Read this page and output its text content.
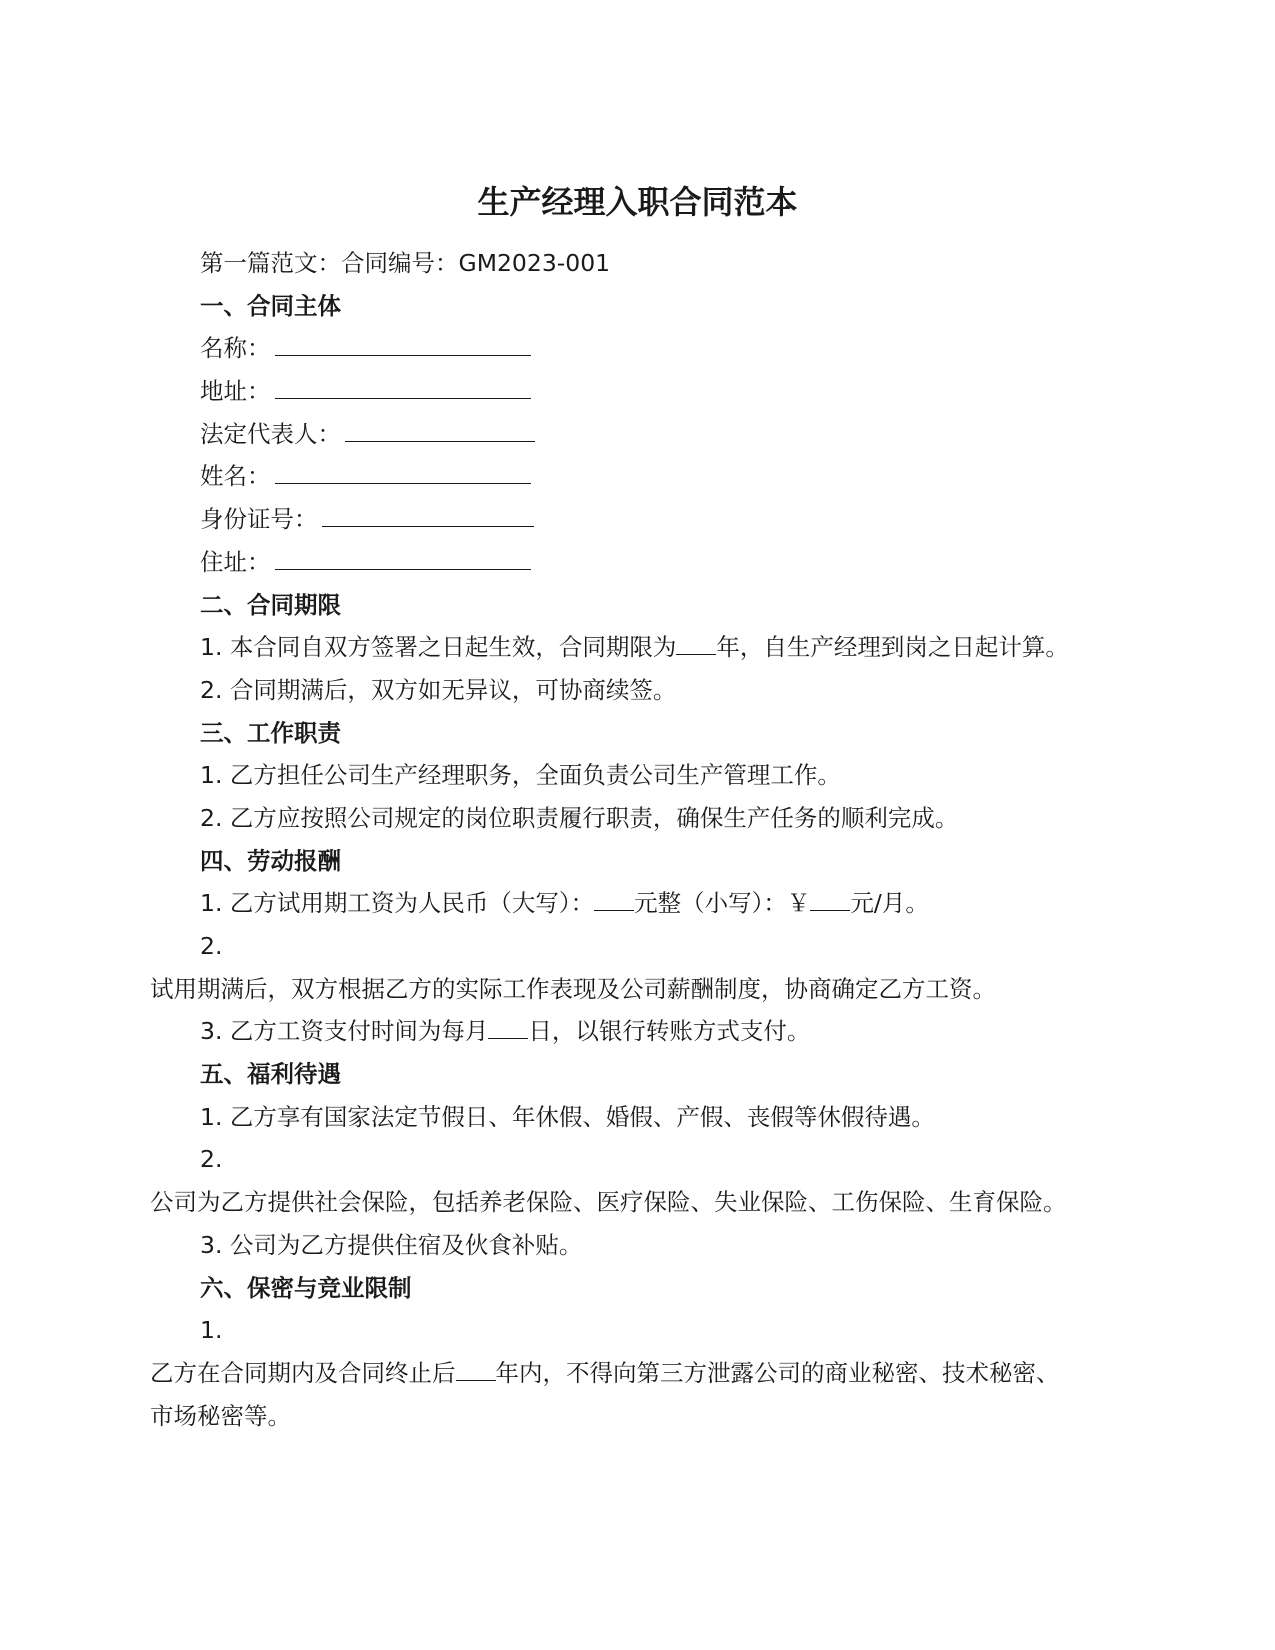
生产经理入职合同范本

第一篇范文：合同编号：GM2023-001

一、合同主体

名称：

地址：

法定代表人：

姓名：

身份证号：

住址：

二、合同期限

1. 本合同自双方签署之日起生效，合同期限为 年，自生产经理到岗之日起计算。

2. 合同期满后，双方如无异议，可协商续签。

三、工作职责

1. 乙方担任公司生产经理职务，全面负责公司生产管理工作。

2. 乙方应按照公司规定的岗位职责履行职责，确保生产任务的顺利完成。

四、劳动报酬

1. 乙方试用期工资为人民币（大写）： 元整（小写）：￥ 元/月。

2.

试用期满后，双方根据乙方的实际工作表现及公司薪酬制度，协商确定乙方工资。

3. 乙方工资支付时间为每月 日，以银行转账方式支付。

五、福利待遇

1. 乙方享有国家法定节假日、年休假、婚假、产假、丧假等休假待遇。

2.

公司为乙方提供社会保险，包括养老保险、医疗保险、失业保险、工伤保险、生育保险。

3. 公司为乙方提供住宿及伙食补贴。

六、保密与竞业限制

1.

乙方在合同期内及合同终止后 年内，不得向第三方泄露公司的商业秘密、技术秘密、

市场秘密等。
